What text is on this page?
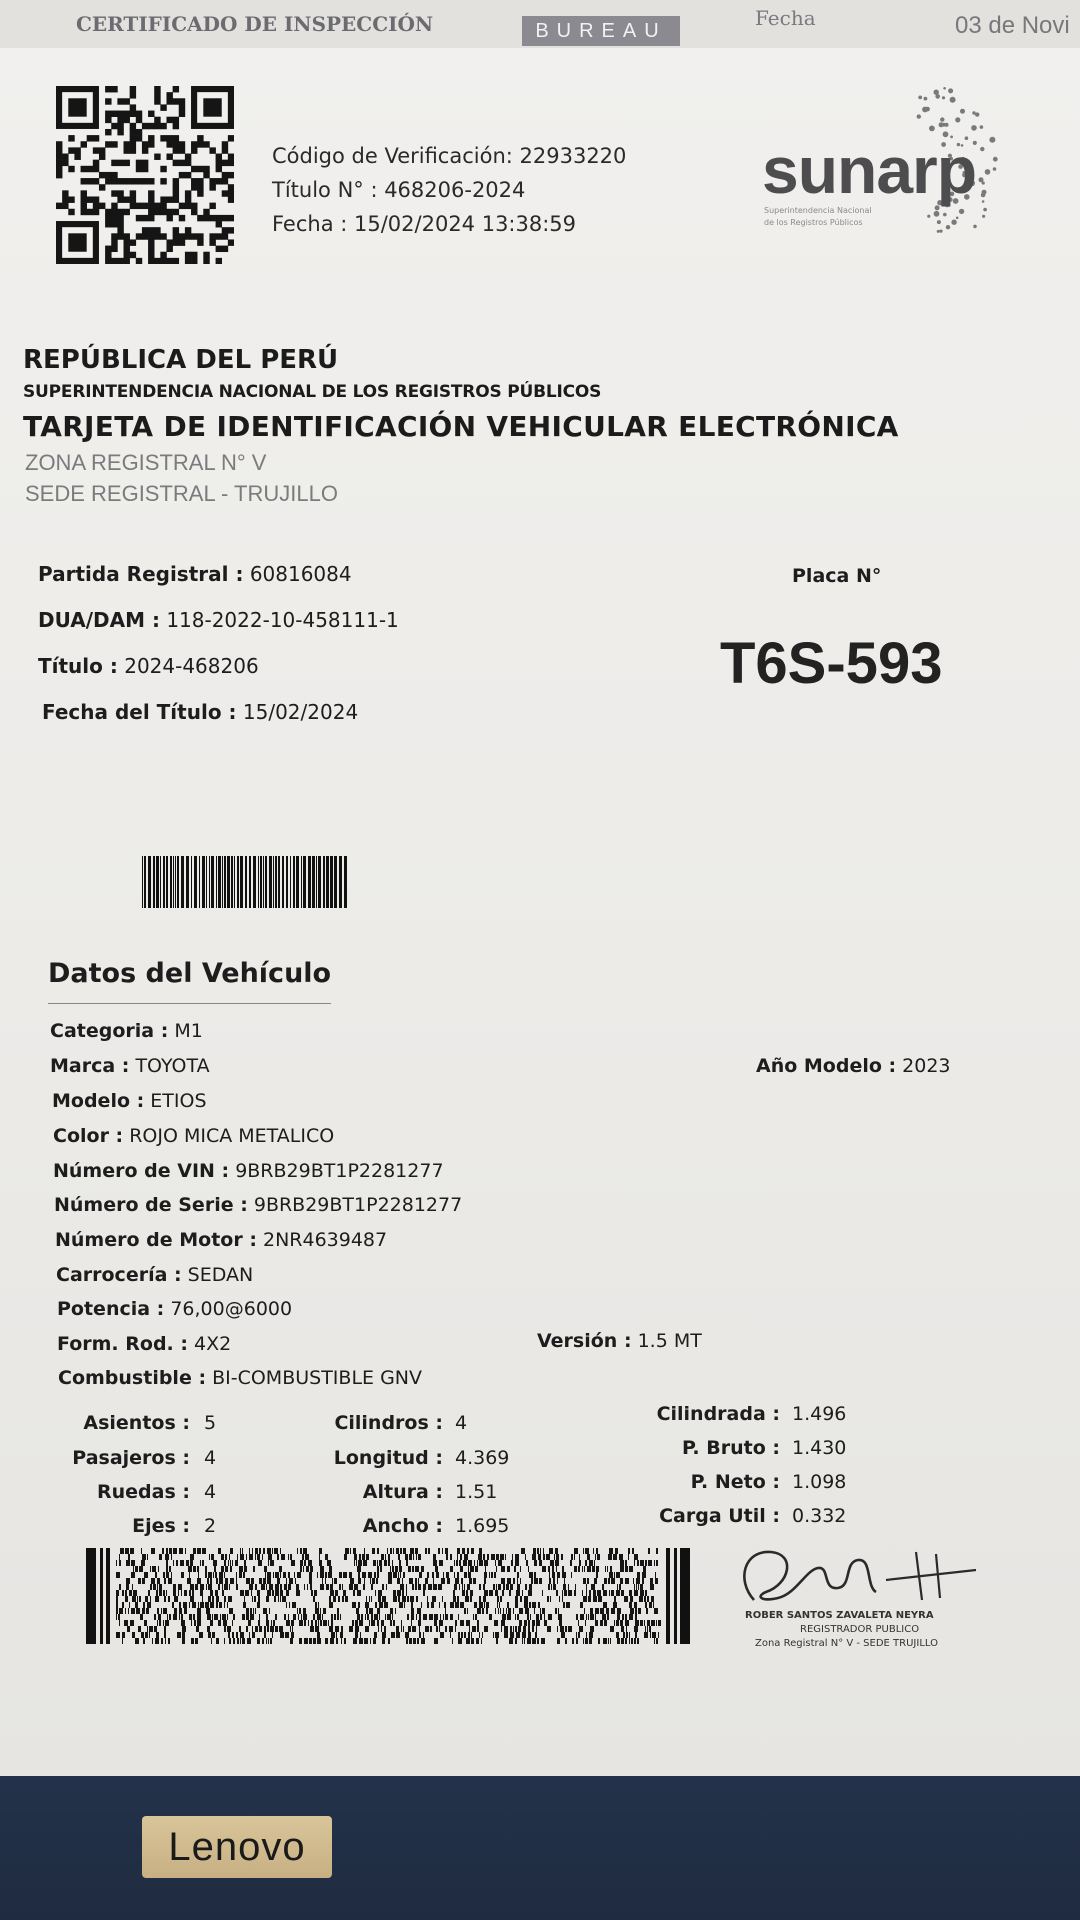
CERTIFICADO DE INSPECCIÓN	BUREAU
Fecha	03 de Novi
Código de Verificación: 22933220
Título N° : 468206-2024
Fecha : 15/02/2024 13:38:59
sunarp
Superintendencia Nacional
de los Registros Públicos
REPÚBLICA DEL PERÚ
SUPERINTENDENCIA NACIONAL DE LOS REGISTROS PÚBLICOS
TARJETA DE IDENTIFICACIÓN VEHICULAR ELECTRÓNICA
ZONA REGISTRAL N° V
SEDE REGISTRAL - TRUJILLO
Partida Registral : 60816084
DUA/DAM : 118-2022-10-458111-1
Título : 2024-468206
Fecha del Título : 15/02/2024
Placa N°
T6S-593
Datos del Vehículo
Categoria : M1
Marca : TOYOTA
Modelo : ETIOS
Color : ROJO MICA METALICO
Número de VIN : 9BRB29BT1P2281277
Número de Serie : 9BRB29BT1P2281277
Número de Motor : 2NR4639487
Carrocería : SEDAN
Potencia : 76,00@6000
Form. Rod. : 4X2
Combustible : BI-COMBUSTIBLE GNV
Año Modelo : 2023
Versión : 1.5 MT
Asientos : 5
Pasajeros : 4
Ruedas : 4
Ejes : 2
Cilindros : 4
Longitud : 4.369
Altura : 1.51
Ancho : 1.695
Cilindrada : 1.496
P. Bruto : 1.430
P. Neto : 1.098
Carga Util : 0.332
ROBER SANTOS ZAVALETA NEYRA
REGISTRADOR PUBLICO
Zona Registral N° V - SEDE TRUJILLO
Lenovo
